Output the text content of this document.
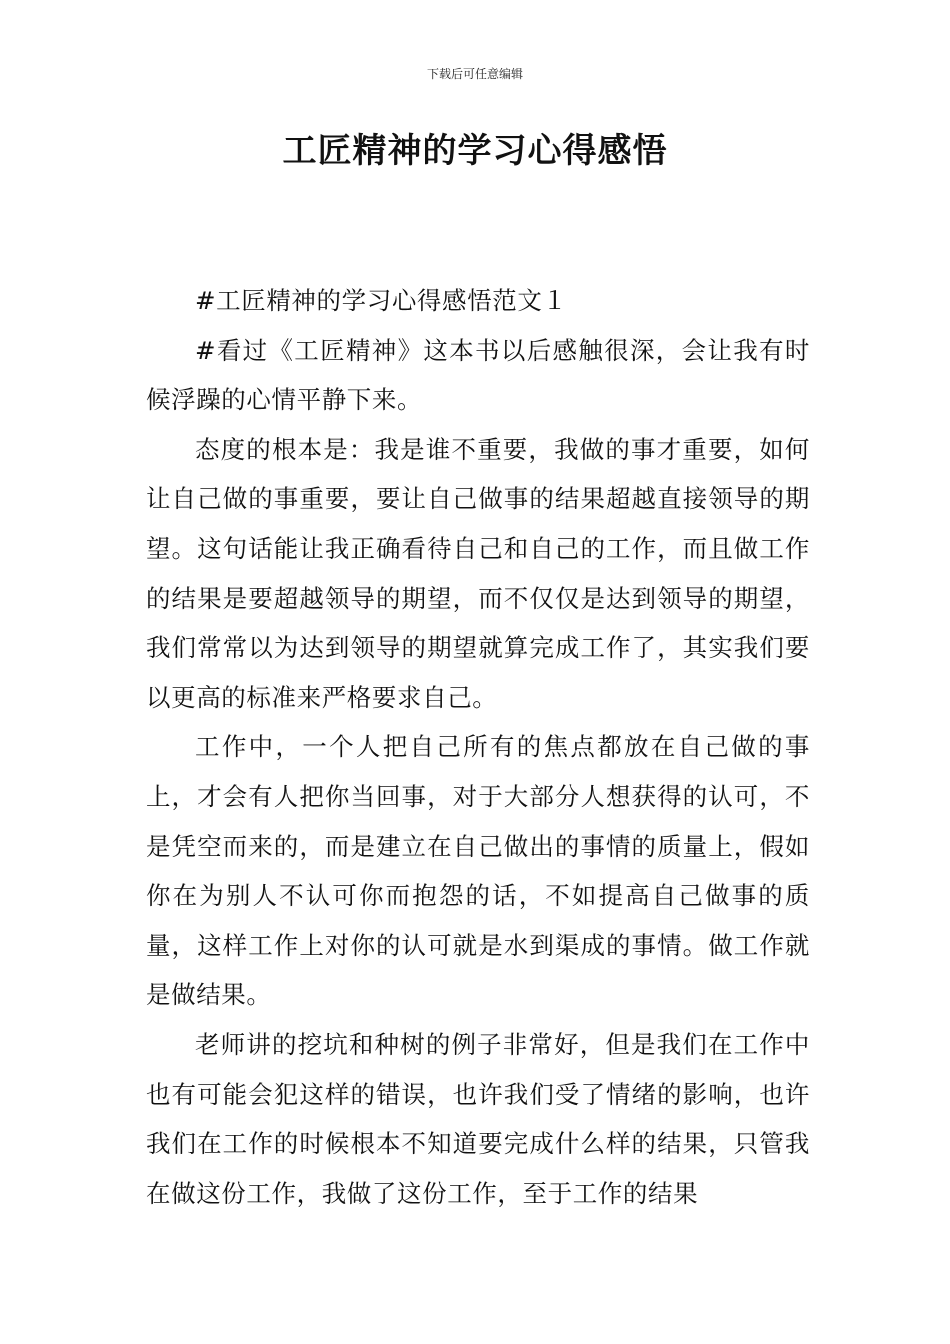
下载后可任意编辑
工匠精神的学习心得感悟

#工匠精神的学习心得感悟范文１

#看过《工匠精神》这本书以后感触很深，会让我有时候浮躁的心情平静下来。

态度的根本是：我是谁不重要，我做的事才重要，如何让自己做的事重要，要让自己做事的结果超越直接领导的期望。这句话能让我正确看待自己和自己的工作，而且做工作的结果是要超越领导的期望，而不仅仅是达到领导的期望，我们常常以为达到领导的期望就算完成工作了，其实我们要以更高的标准来严格要求自己。

工作中，一个人把自己所有的焦点都放在自己做的事上，才会有人把你当回事，对于大部分人想获得的认可，不是凭空而来的，而是建立在自己做出的事情的质量上，假如你在为别人不认可你而抱怨的话，不如提高自己做事的质量，这样工作上对你的认可就是水到渠成的事情。做工作就是做结果。

老师讲的挖坑和种树的例子非常好，但是我们在工作中也有可能会犯这样的错误，也许我们受了情绪的影响，也许我们在工作的时候根本不知道要完成什么样的结果，只管我在做这份工作，我做了这份工作，至于工作的结果
